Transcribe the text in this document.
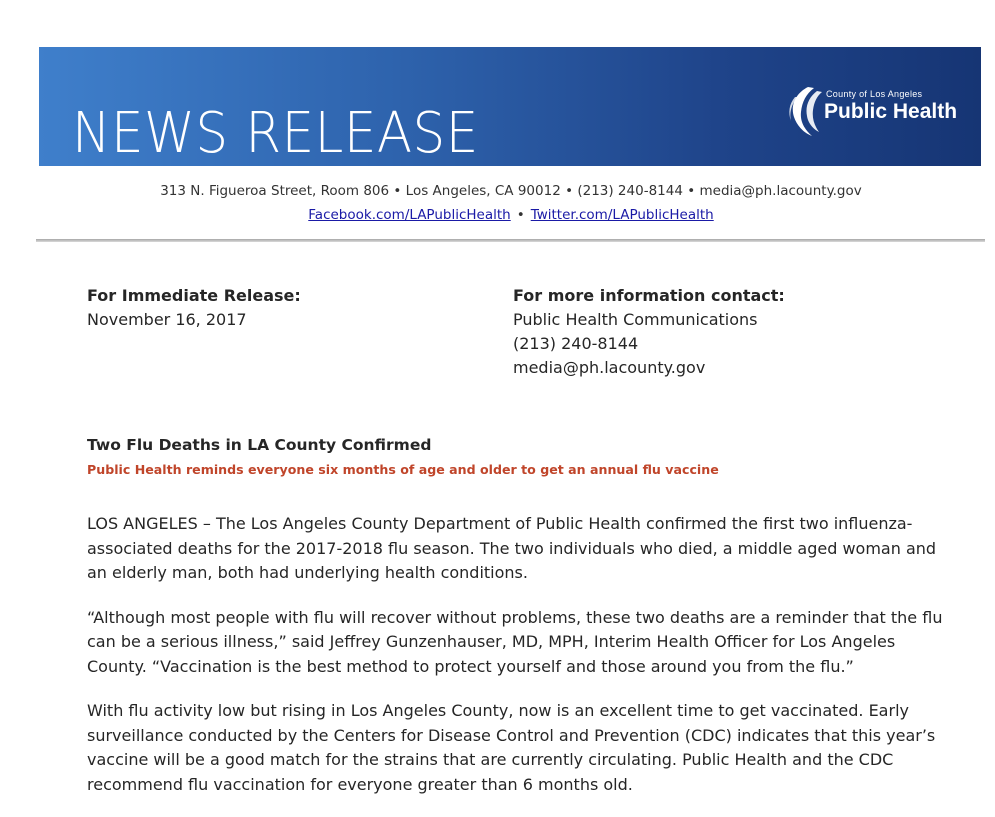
NEWS RELEASE
County of Los Angeles
Public Health
313 N. Figueroa Street, Room 806 • Los Angeles, CA 90012 • (213) 240-8144 • media@ph.lacounty.gov
Facebook.com/LAPublicHealth • Twitter.com/LAPublicHealth
For Immediate Release:
November 16, 2017
For more information contact:
Public Health Communications
(213) 240-8144
media@ph.lacounty.gov
Two Flu Deaths in LA County Confirmed
Public Health reminds everyone six months of age and older to get an annual flu vaccine

LOS ANGELES – The Los Angeles County Department of Public Health confirmed the first two influenza-associated deaths for the 2017-2018 flu season. The two individuals who died, a middle aged woman and an elderly man, both had underlying health conditions.

“Although most people with flu will recover without problems, these two deaths are a reminder that the flu can be a serious illness,” said Jeffrey Gunzenhauser, MD, MPH, Interim Health Officer for Los Angeles County. “Vaccination is the best method to protect yourself and those around you from the flu.”

With flu activity low but rising in Los Angeles County, now is an excellent time to get vaccinated. Early surveillance conducted by the Centers for Disease Control and Prevention (CDC) indicates that this year’s vaccine will be a good match for the strains that are currently circulating. Public Health and the CDC recommend flu vaccination for everyone greater than 6 months old.
